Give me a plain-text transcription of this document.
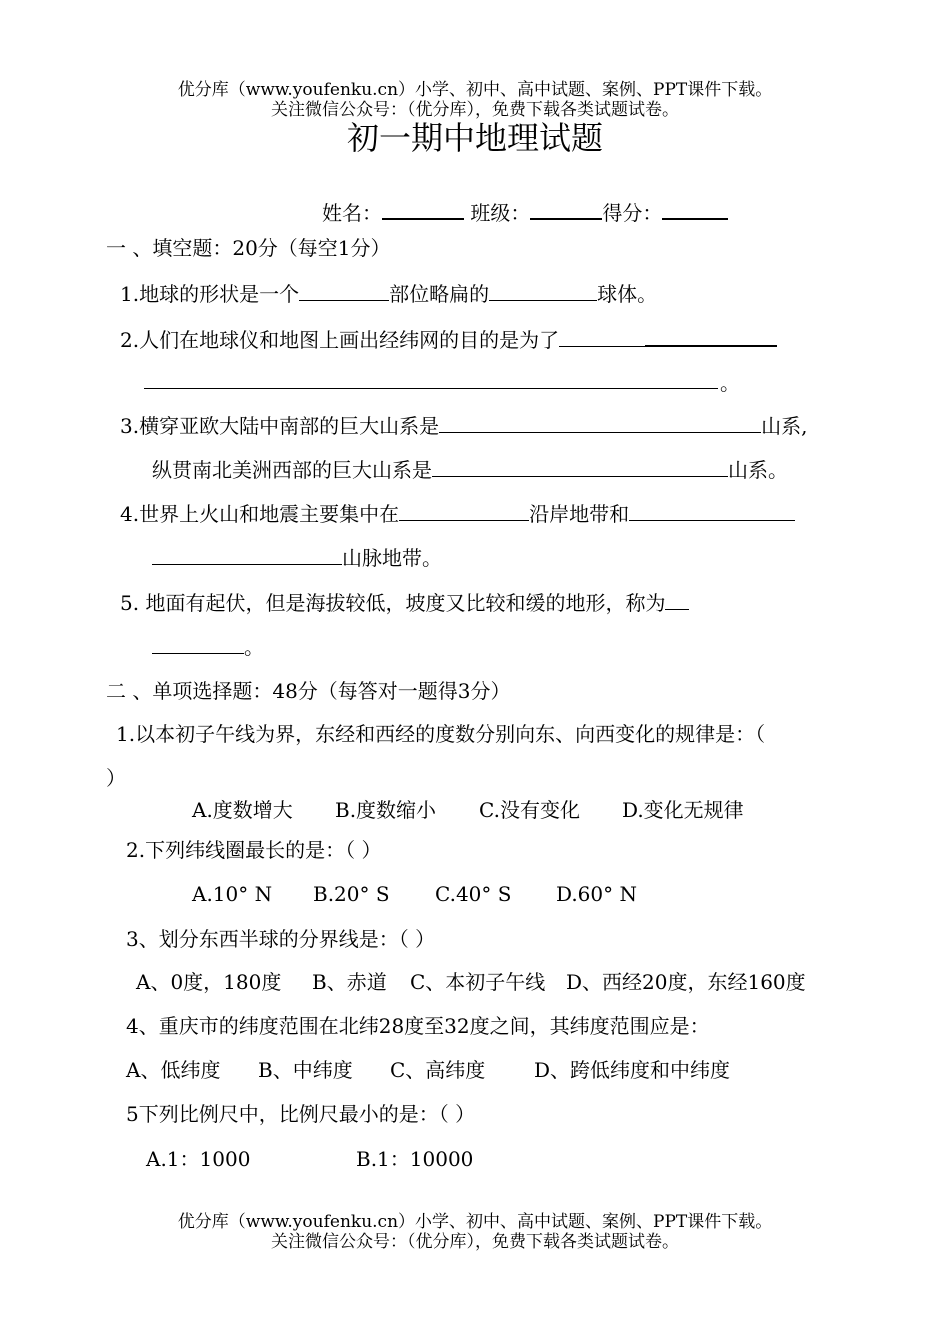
优分库（www.youfenku.cn）小学、初中、高中试题、案例、PPT课件下载。
关注微信公众号：（优分库），免费下载各类试题试卷。
初一期中地理试题
姓名：	班级：	得分：
一 、填空题：20分（每空1分）
1.地球的形状是一个	部位略扁的	球体。
2.人们在地球仪和地图上画出经纬网的目的是为了
。
3.横穿亚欧大陆中南部的巨大山系是	山系,
纵贯南北美洲西部的巨大山系是	山系。
4.世界上火山和地震主要集中在	沿岸地带和
山脉地带。
5. 地面有起伏，但是海拔较低，坡度又比较和缓的地形，称为
。
二 、单项选择题：48分（每答对一题得3分）
1.以本初子午线为界，东经和西经的度数分别向东、向西变化的规律是：（
）
A.度数增大 B.度数缩小 C.没有变化 D.变化无规律
2.下列纬线圈最长的是：（ ）
A.10° N B.20° S C.40° S D.60° N
3、划分东西半球的分界线是：（ ）
A、0度，180度 B、赤道 C、本初子午线 D、西经20度，东经160度
4、重庆市的纬度范围在北纬28度至32度之间，其纬度范围应是：
A、低纬度 B、中纬度 C、高纬度 D、跨低纬度和中纬度
5下列比例尺中，比例尺最小的是：（ ）
A.1：1000	B.1：10000
优分库（www.youfenku.cn）小学、初中、高中试题、案例、PPT课件下载。
关注微信公众号：（优分库），免费下载各类试题试卷。
